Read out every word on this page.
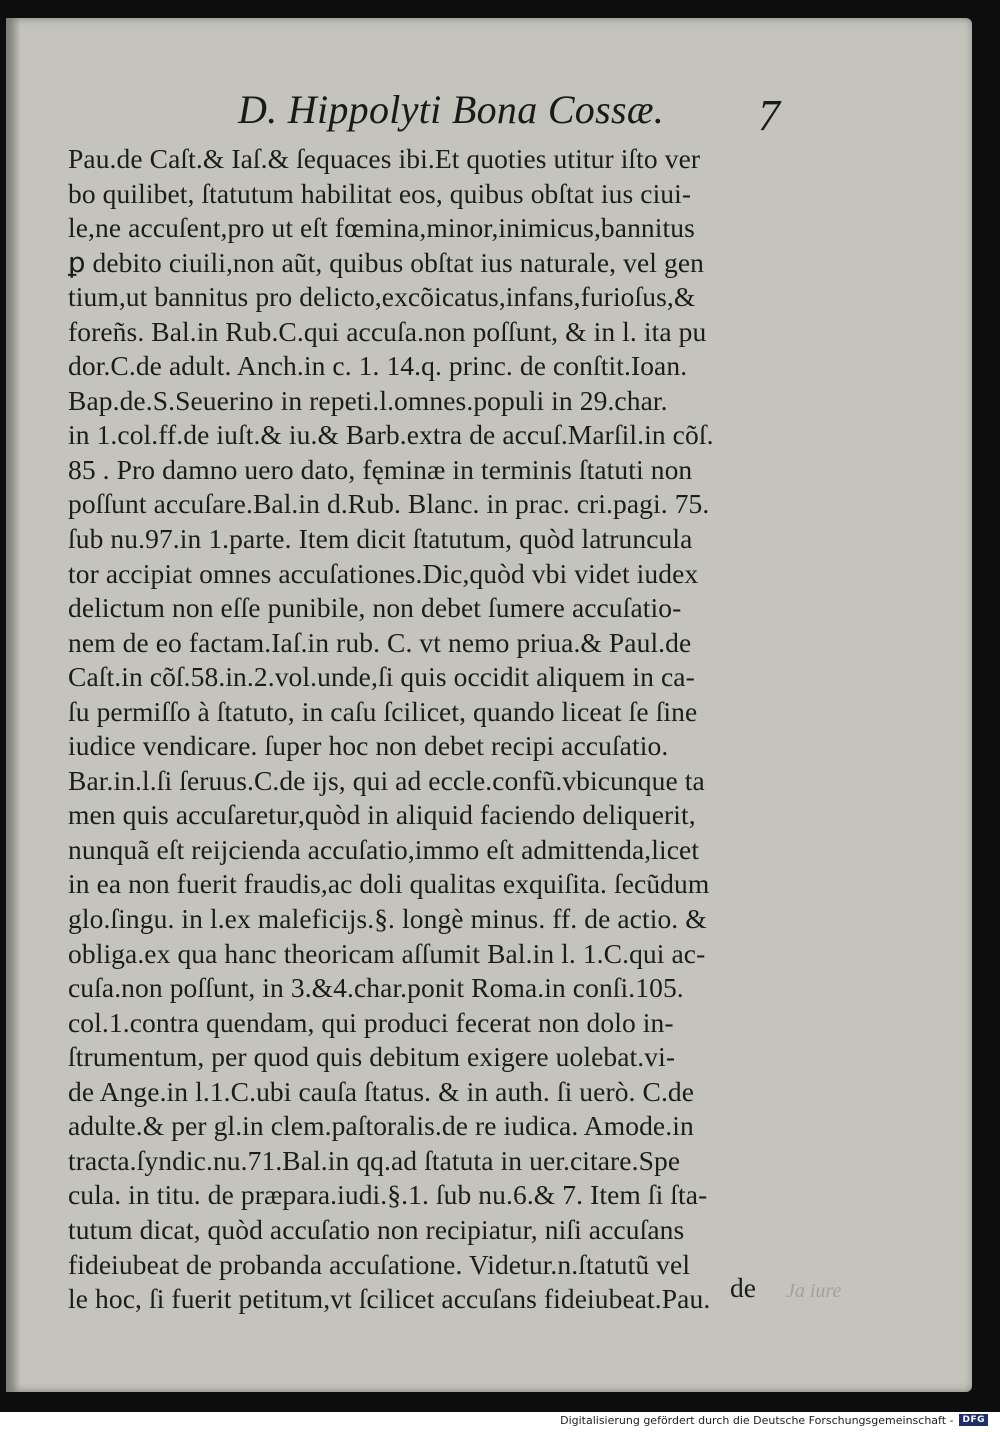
D. Hippolyti Bona Cossæ. 7
Pau.de Caſt.& Iaſ.& ſequaces ibi.Et quoties utitur iſto ver
bo quilibet, ſtatutum habilitat eos, quibus obſtat ius ciui-
le,ne accuſent,pro ut eſt fœmina,minor,inimicus,bannitus
ꝑ debito ciuili,non aũt, quibus obſtat ius naturale, vel gen
tium,ut bannitus pro delicto,excõicatus,infans,furioſus,&
foreñs. Bal.in Rub.C.qui accuſa.non poſſunt, & in l. ita pu
dor.C.de adult. Anch.in c. 1. 14.q. princ. de conſtit.Ioan.
Bap.de.S.Seuerino in repeti.l.omnes.populi in 29.char.
in 1.col.ff.de iuſt.& iu.& Barb.extra de accuſ.Marſil.in cõſ.
85 . Pro damno uero dato, fęminæ in terminis ſtatuti non
poſſunt accuſare.Bal.in d.Rub. Blanc. in prac. cri.pagi. 75.
ſub nu.97.in 1.parte. Item dicit ſtatutum, quòd latruncula
tor accipiat omnes accuſationes.Dic,quòd vbi videt iudex
delictum non eſſe punibile, non debet ſumere accuſatio-
nem de eo factam.Iaſ.in rub. C. vt nemo priua.& Paul.de
Caſt.in cõſ.58.in.2.vol.unde,ſi quis occidit aliquem in ca-
ſu permiſſo à ſtatuto, in caſu ſcilicet, quando liceat ſe ſine
iudice vendicare. ſuper hoc non debet recipi accuſatio.
Bar.in.l.ſi ſeruus.C.de ijs, qui ad eccle.confũ.vbicunque ta
men quis accuſaretur,quòd in aliquid faciendo deliquerit,
nunquã eſt reijcienda accuſatio,immo eſt admittenda,licet
in ea non fuerit fraudis,ac doli qualitas exquiſita. ſecũdum
glo.ſingu. in l.ex maleficijs.§. longè minus. ff. de actio. &
obliga.ex qua hanc theoricam aſſumit Bal.in l. 1.C.qui ac-
cuſa.non poſſunt, in 3.&4.char.ponit Roma.in conſi.105.
col.1.contra quendam, qui produci fecerat non dolo in-
ſtrumentum, per quod quis debitum exigere uolebat.vi-
de Ange.in l.1.C.ubi cauſa ſtatus. & in auth. ſi uerò. C.de
adulte.& per gl.in clem.paſtoralis.de re iudica. Amode.in
tracta.ſyndic.nu.71.Bal.in qq.ad ſtatuta in uer.citare.Spe
cula. in titu. de præpara.iudi.§.1. ſub nu.6.& 7. Item ſi ſta-
tutum dicat, quòd accuſatio non recipiatur, niſi accuſans
fideiubeat de probanda accuſatione. Videtur.n.ſtatutũ vel
le hoc, ſi fuerit petitum,vt ſcilicet accuſans fideiubeat.Pau. de Ja iure
Digitalisierung gefördert durch die Deutsche Forschungsgemeinschaft -	DFG
